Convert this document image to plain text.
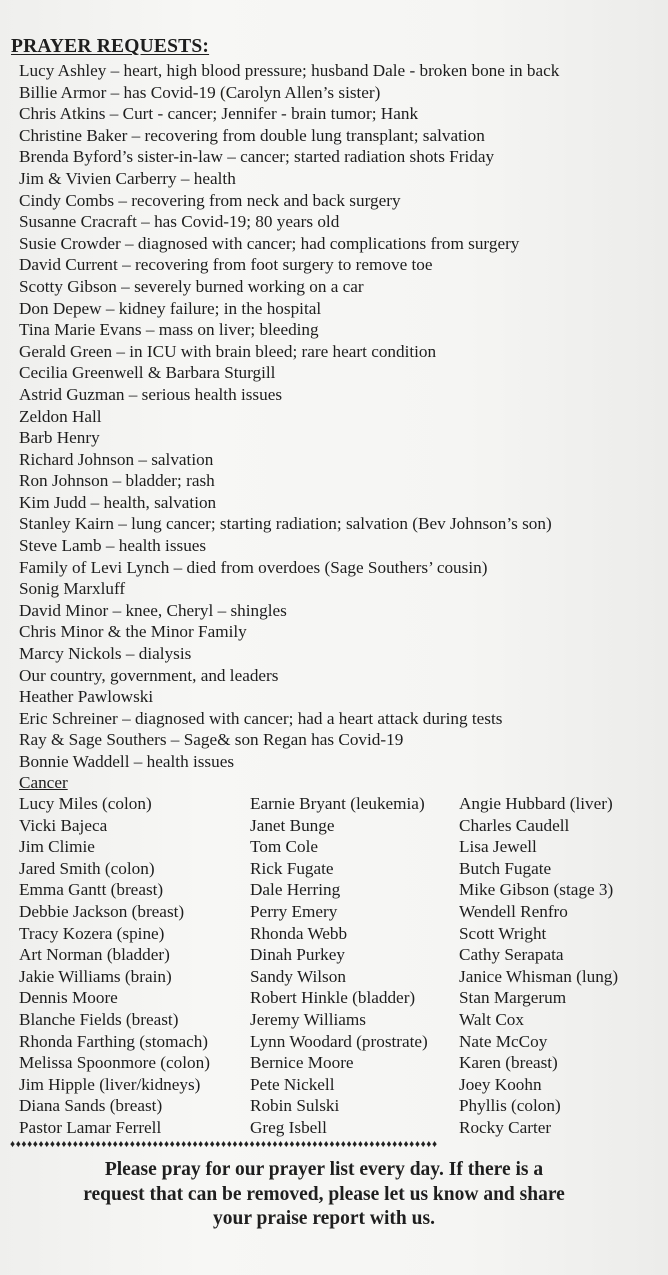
PRAYER REQUESTS:
Lucy Ashley – heart, high blood pressure; husband Dale - broken bone in back
Billie Armor – has Covid-19 (Carolyn Allen’s sister)
Chris Atkins – Curt - cancer; Jennifer - brain tumor; Hank
Christine Baker – recovering from double lung transplant; salvation
Brenda Byford’s sister-in-law – cancer; started radiation shots Friday
Jim & Vivien Carberry – health
Cindy Combs – recovering from neck and back surgery
Susanne Cracraft – has Covid-19; 80 years old
Susie Crowder – diagnosed with cancer; had complications from surgery
David Current – recovering from foot surgery to remove toe
Scotty Gibson – severely burned working on a car
Don Depew – kidney failure; in the hospital
Tina Marie Evans – mass on liver; bleeding
Gerald Green – in ICU with brain bleed; rare heart condition
Cecilia Greenwell & Barbara Sturgill
Astrid Guzman – serious health issues
Zeldon Hall
Barb Henry
Richard Johnson – salvation
Ron Johnson – bladder; rash
Kim Judd – health, salvation
Stanley Kairn – lung cancer; starting radiation; salvation (Bev Johnson’s son)
Steve Lamb – health issues
Family of Levi Lynch – died from overdoes (Sage Southers’ cousin)
Sonig Marxluff
David Minor – knee, Cheryl – shingles
Chris Minor & the Minor Family
Marcy Nickols – dialysis
Our country, government, and leaders
Heather Pawlowski
Eric Schreiner – diagnosed with cancer; had a heart attack during tests
Ray & Sage Southers – Sage& son Regan has Covid-19
Bonnie Waddell – health issues
Cancer
Lucy Miles (colon)
Vicki Bajeca
Jim Climie
Jared Smith (colon)
Emma Gantt (breast)
Debbie Jackson (breast)
Tracy Kozera (spine)
Art Norman (bladder)
Jakie Williams (brain)
Dennis Moore
Blanche Fields (breast)
Rhonda Farthing (stomach)
Melissa Spoonmore (colon)
Jim Hipple (liver/kidneys)
Diana Sands (breast)
Pastor Lamar Ferrell
Earnie Bryant (leukemia)
Janet Bunge
Tom Cole
Rick Fugate
Dale Herring
Perry Emery
Rhonda Webb
Dinah Purkey
Sandy Wilson
Robert Hinkle (bladder)
Jeremy Williams
Lynn Woodard (prostrate)
Bernice Moore
Pete Nickell
Robin Sulski
Greg Isbell
Angie Hubbard (liver)
Charles Caudell
Lisa Jewell
Butch Fugate
Mike Gibson (stage 3)
Wendell Renfro
Scott Wright
Cathy Serapata
Janice Whisman (lung)
Stan Margerum
Walt Cox
Nate McCoy
Karen (breast)
Joey Koohn
Phyllis (colon)
Rocky Carter
♦♦♦♦♦♦♦♦♦♦♦♦♦♦♦♦♦♦♦♦♦♦♦♦♦♦♦♦♦♦♦♦♦♦♦♦♦♦♦♦♦♦♦♦♦♦♦♦♦♦♦♦♦♦♦♦♦♦♦♦♦♦♦♦♦♦♦♦♦♦♦♦♦♦♦
Please pray for our prayer list every day. If there is a
request that can be removed, please let us know and share
your praise report with us.
